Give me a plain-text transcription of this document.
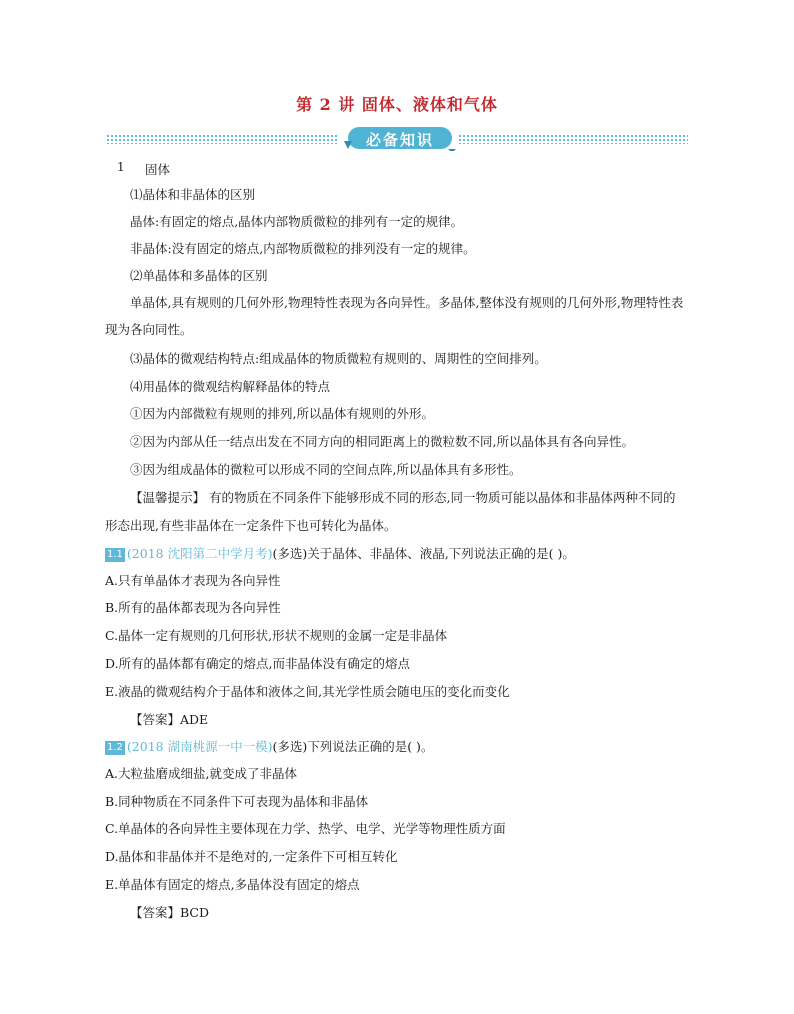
第 2 讲 固体、液体和气体
必备知识
1 固体
⑴晶体和非晶体的区别
晶体:有固定的熔点,晶体内部物质微粒的排列有一定的规律。
非晶体:没有固定的熔点,内部物质微粒的排列没有一定的规律。
⑵单晶体和多晶体的区别
单晶体,具有规则的几何外形,物理特性表现为各向异性。多晶体,整体没有规则的几何外形,物理特性表
现为各向同性。
⑶晶体的微观结构特点:组成晶体的物质微粒有规则的、周期性的空间排列。
⑷用晶体的微观结构解释晶体的特点
①因为内部微粒有规则的排列,所以晶体有规则的外形。
②因为内部从任一结点出发在不同方向的相同距离上的微粒数不同,所以晶体具有各向异性。
③因为组成晶体的微粒可以形成不同的空间点阵,所以晶体具有多形性。
【温馨提示】 有的物质在不同条件下能够形成不同的形态,同一物质可能以晶体和非晶体两种不同的
形态出现,有些非晶体在一定条件下也可转化为晶体。
1.1 (2018 沈阳第二中学月考)(多选)关于晶体、非晶体、液晶,下列说法正确的是( )。
A.只有单晶体才表现为各向异性
B.所有的晶体都表现为各向异性
C.晶体一定有规则的几何形状,形状不规则的金属一定是非晶体
D.所有的晶体都有确定的熔点,而非晶体没有确定的熔点
E.液晶的微观结构介于晶体和液体之间,其光学性质会随电压的变化而变化
【答案】ADE
1.2 (2018 湖南桃源一中一模)(多选)下列说法正确的是( )。
A.大粒盐磨成细盐,就变成了非晶体
B.同种物质在不同条件下可表现为晶体和非晶体
C.单晶体的各向异性主要体现在力学、热学、电学、光学等物理性质方面
D.晶体和非晶体并不是绝对的,一定条件下可相互转化
E.单晶体有固定的熔点,多晶体没有固定的熔点
【答案】BCD
